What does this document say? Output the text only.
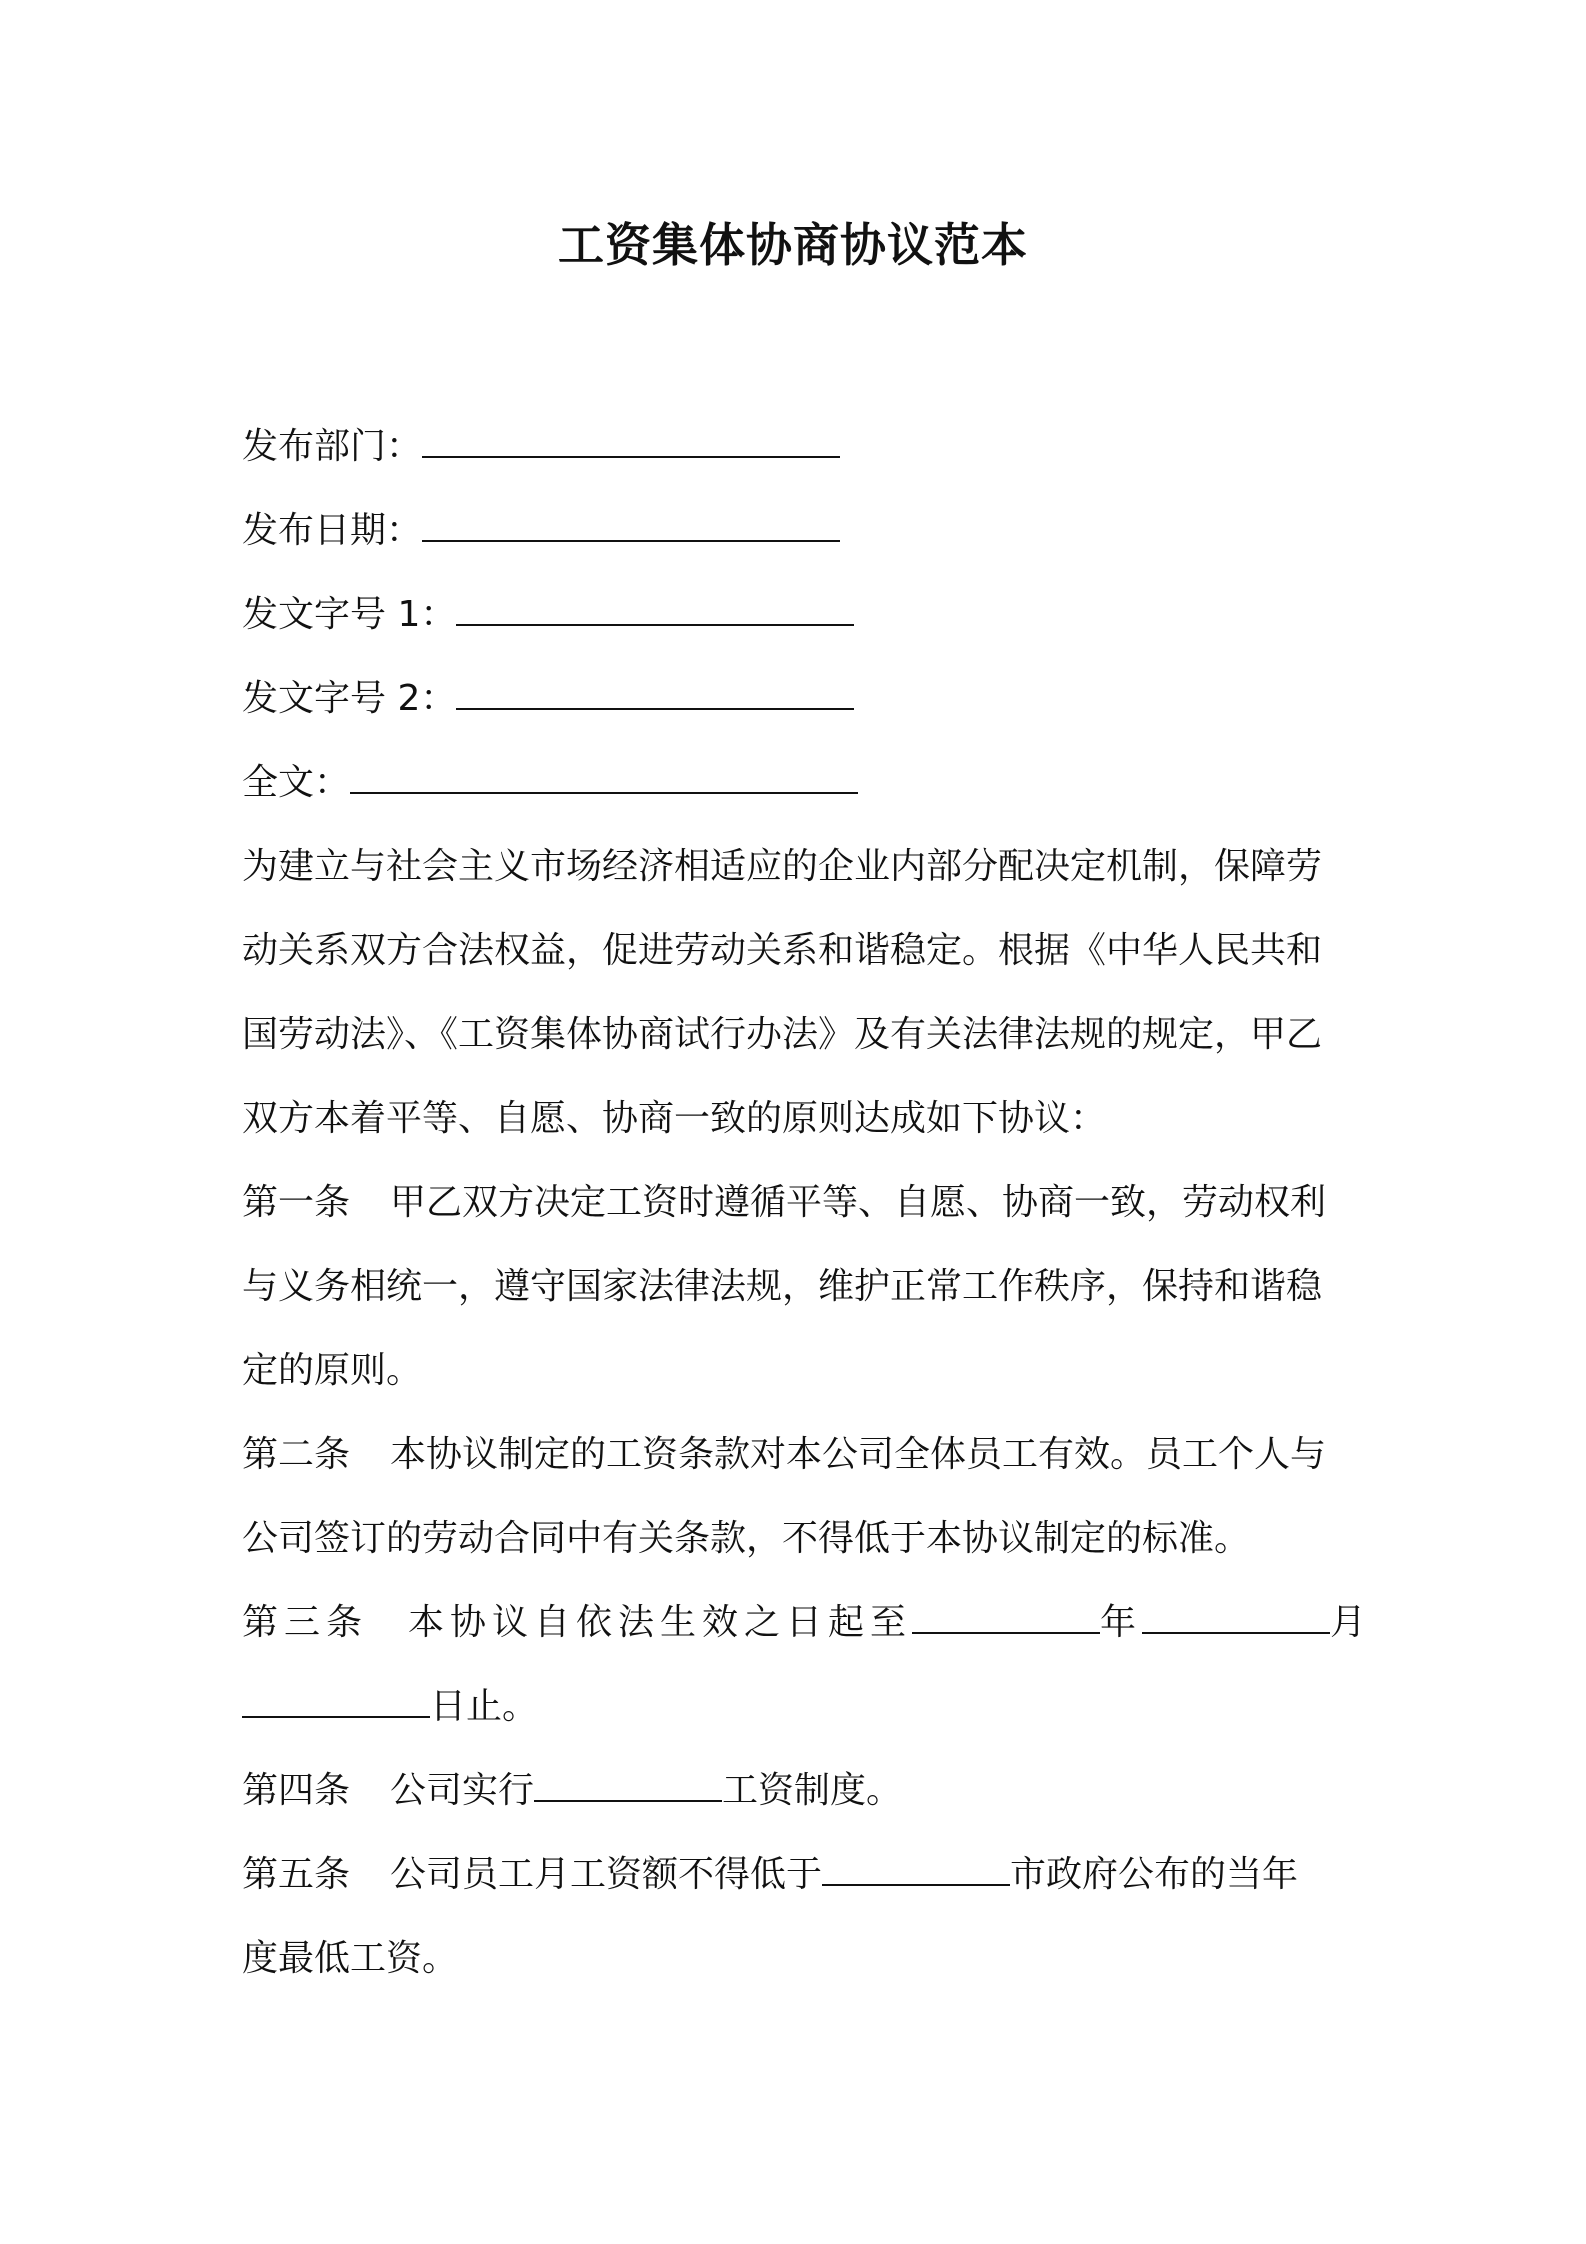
工资集体协商协议范本
发布部门：
发布日期：
发文字号 1：
发文字号 2：
全文：
为建立与社会主义市场经济相适应的企业内部分配决定机制，保障劳
动关系双方合法权益，促进劳动关系和谐稳定。根据《中华人民共和
国劳动法》、《工资集体协商试行办法》及有关法律法规的规定，甲乙
双方本着平等、自愿、协商一致的原则达成如下协议：
第一条 甲乙双方决定工资时遵循平等、自愿、协商一致，劳动权利
与义务相统一，遵守国家法律法规，维护正常工作秩序，保持和谐稳
定的原则。
第二条 本协议制定的工资条款对本公司全体员工有效。员工个人与
公司签订的劳动合同中有关条款，不得低于本协议制定的标准。
第三条 本协议自依法生效之日起至	年	月
日止。
第四条 公司实行	工资制度。
第五条 公司员工月工资额不得低于	市政府公布的当年
度最低工资。
